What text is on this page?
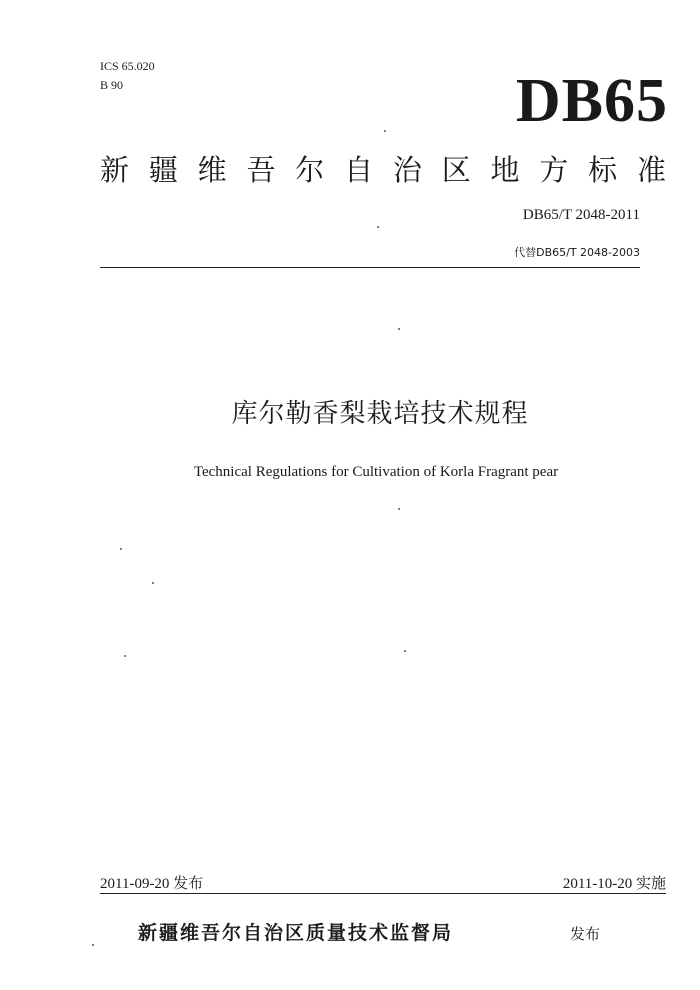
ICS 65.020
B 90	DB65
新 疆 维 吾 尔 自 治 区 地 方 标 准
DB65/T 2048-2011
代替DB65/T 2048-2003
库尔勒香梨栽培技术规程
Technical Regulations for Cultivation of Korla Fragrant pear
2011-09-20 发布	2011-10-20 实施
新疆维吾尔自治区质量技术监督局	发布
